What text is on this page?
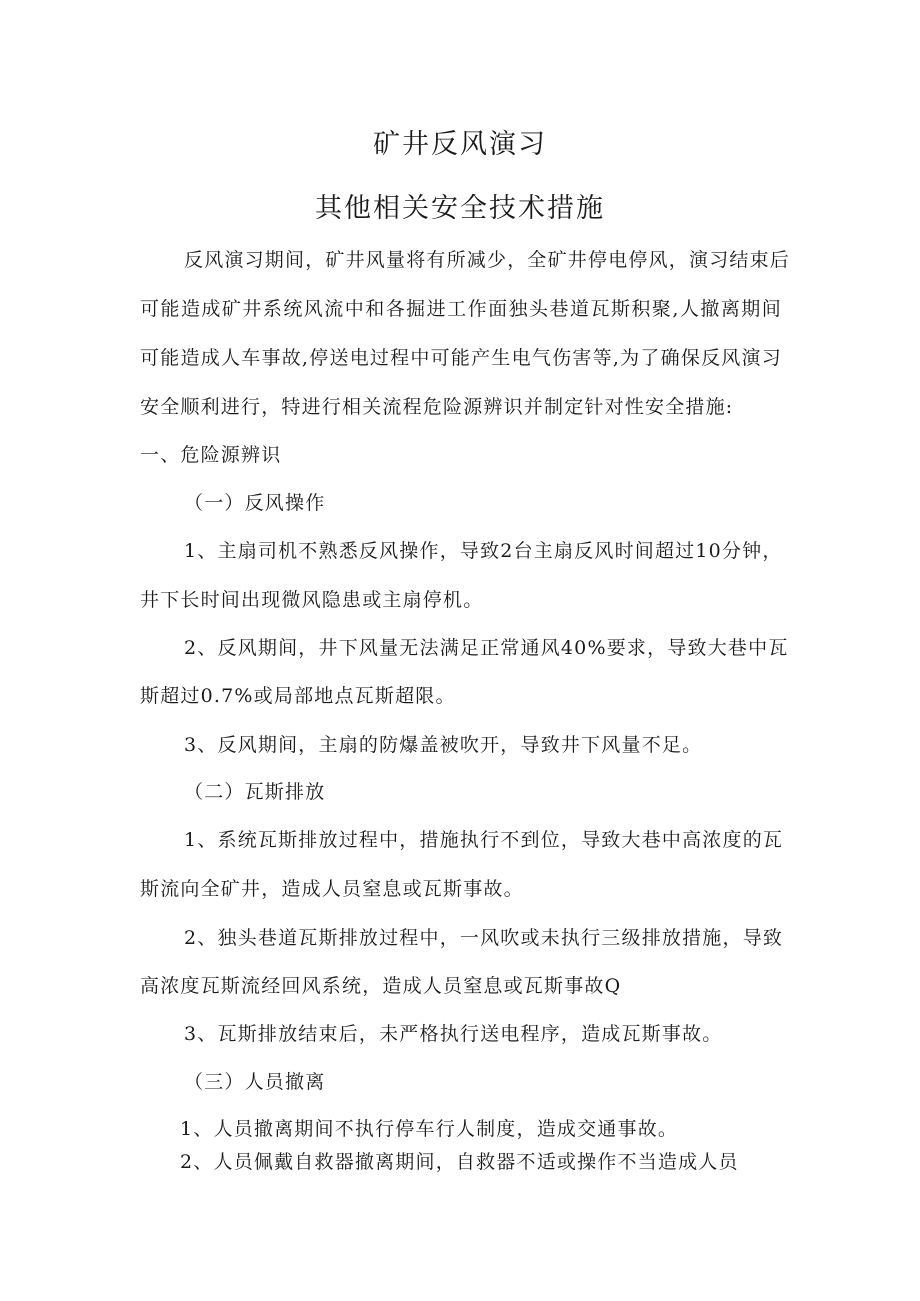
矿井反风演习
其他相关安全技术措施
反风演习期间，矿井风量将有所减少，全矿井停电停风，演习结束后
可能造成矿井系统风流中和各掘进工作面独头巷道瓦斯积聚,人撤离期间
可能造成人车事故,停送电过程中可能产生电气伤害等,为了确保反风演习
安全顺利进行，特进行相关流程危险源辨识并制定针对性安全措施:
一、危险源辨识
（一）反风操作
1、主扇司机不熟悉反风操作，导致2台主扇反风时间超过10分钟，
井下长时间出现微风隐患或主扇停机。
2、反风期间，井下风量无法满足正常通风40%要求，导致大巷中瓦
斯超过0.7%或局部地点瓦斯超限。
3、反风期间，主扇的防爆盖被吹开，导致井下风量不足。
（二）瓦斯排放
1、系统瓦斯排放过程中，措施执行不到位，导致大巷中高浓度的瓦
斯流向全矿井，造成人员窒息或瓦斯事故。
2、独头巷道瓦斯排放过程中，一风吹或未执行三级排放措施，导致
高浓度瓦斯流经回风系统，造成人员窒息或瓦斯事故Q
3、瓦斯排放结束后，未严格执行送电程序，造成瓦斯事故。
（三）人员撤离
1、人员撤离期间不执行停车行人制度，造成交通事故。
2、人员佩戴自救器撤离期间，自救器不适或操作不当造成人员
